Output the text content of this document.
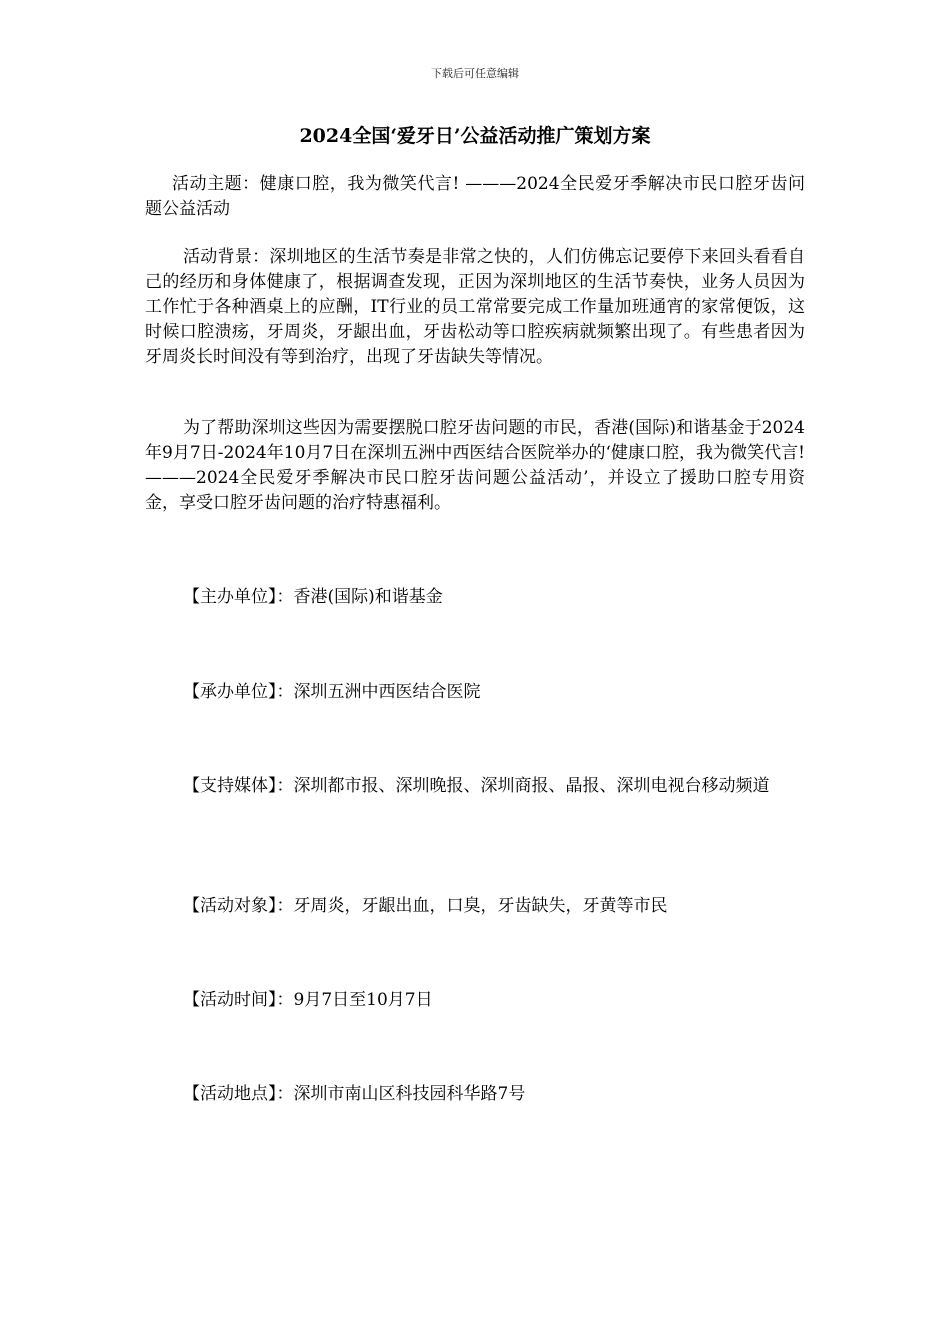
下载后可任意编辑
2024全国‘爱牙日’公益活动推广策划方案

活动主题：健康口腔，我为微笑代言! ———2024全民爱牙季解决市民口腔牙齿问题公益活动

活动背景：深圳地区的生活节奏是非常之快的，人们仿佛忘记要停下来回头看看自己的经历和身体健康了，根据调查发现，正因为深圳地区的生活节奏快，业务人员因为工作忙于各种酒桌上的应酬，IT行业的员工常常要完成工作量加班通宵的家常便饭，这时候口腔溃疡，牙周炎，牙龈出血，牙齿松动等口腔疾病就频繁出现了。有些患者因为牙周炎长时间没有等到治疗，出现了牙齿缺失等情况。

为了帮助深圳这些因为需要摆脱口腔牙齿问题的市民，香港(国际)和谐基金于2024年9月7日-2024年10月7日在深圳五洲中西医结合医院举办的‘健康口腔，我为微笑代言! ———2024全民爱牙季解决市民口腔牙齿问题公益活动’，并设立了援助口腔专用资金，享受口腔牙齿问题的治疗特惠福利。

【主办单位】：香港(国际)和谐基金

【承办单位】：深圳五洲中西医结合医院

【支持媒体】：深圳都市报、深圳晚报、深圳商报、晶报、深圳电视台移动频道

【活动对象】：牙周炎，牙龈出血，口臭，牙齿缺失，牙黄等市民

【活动时间】：9月7日至10月7日

【活动地点】：深圳市南山区科技园科华路7号
